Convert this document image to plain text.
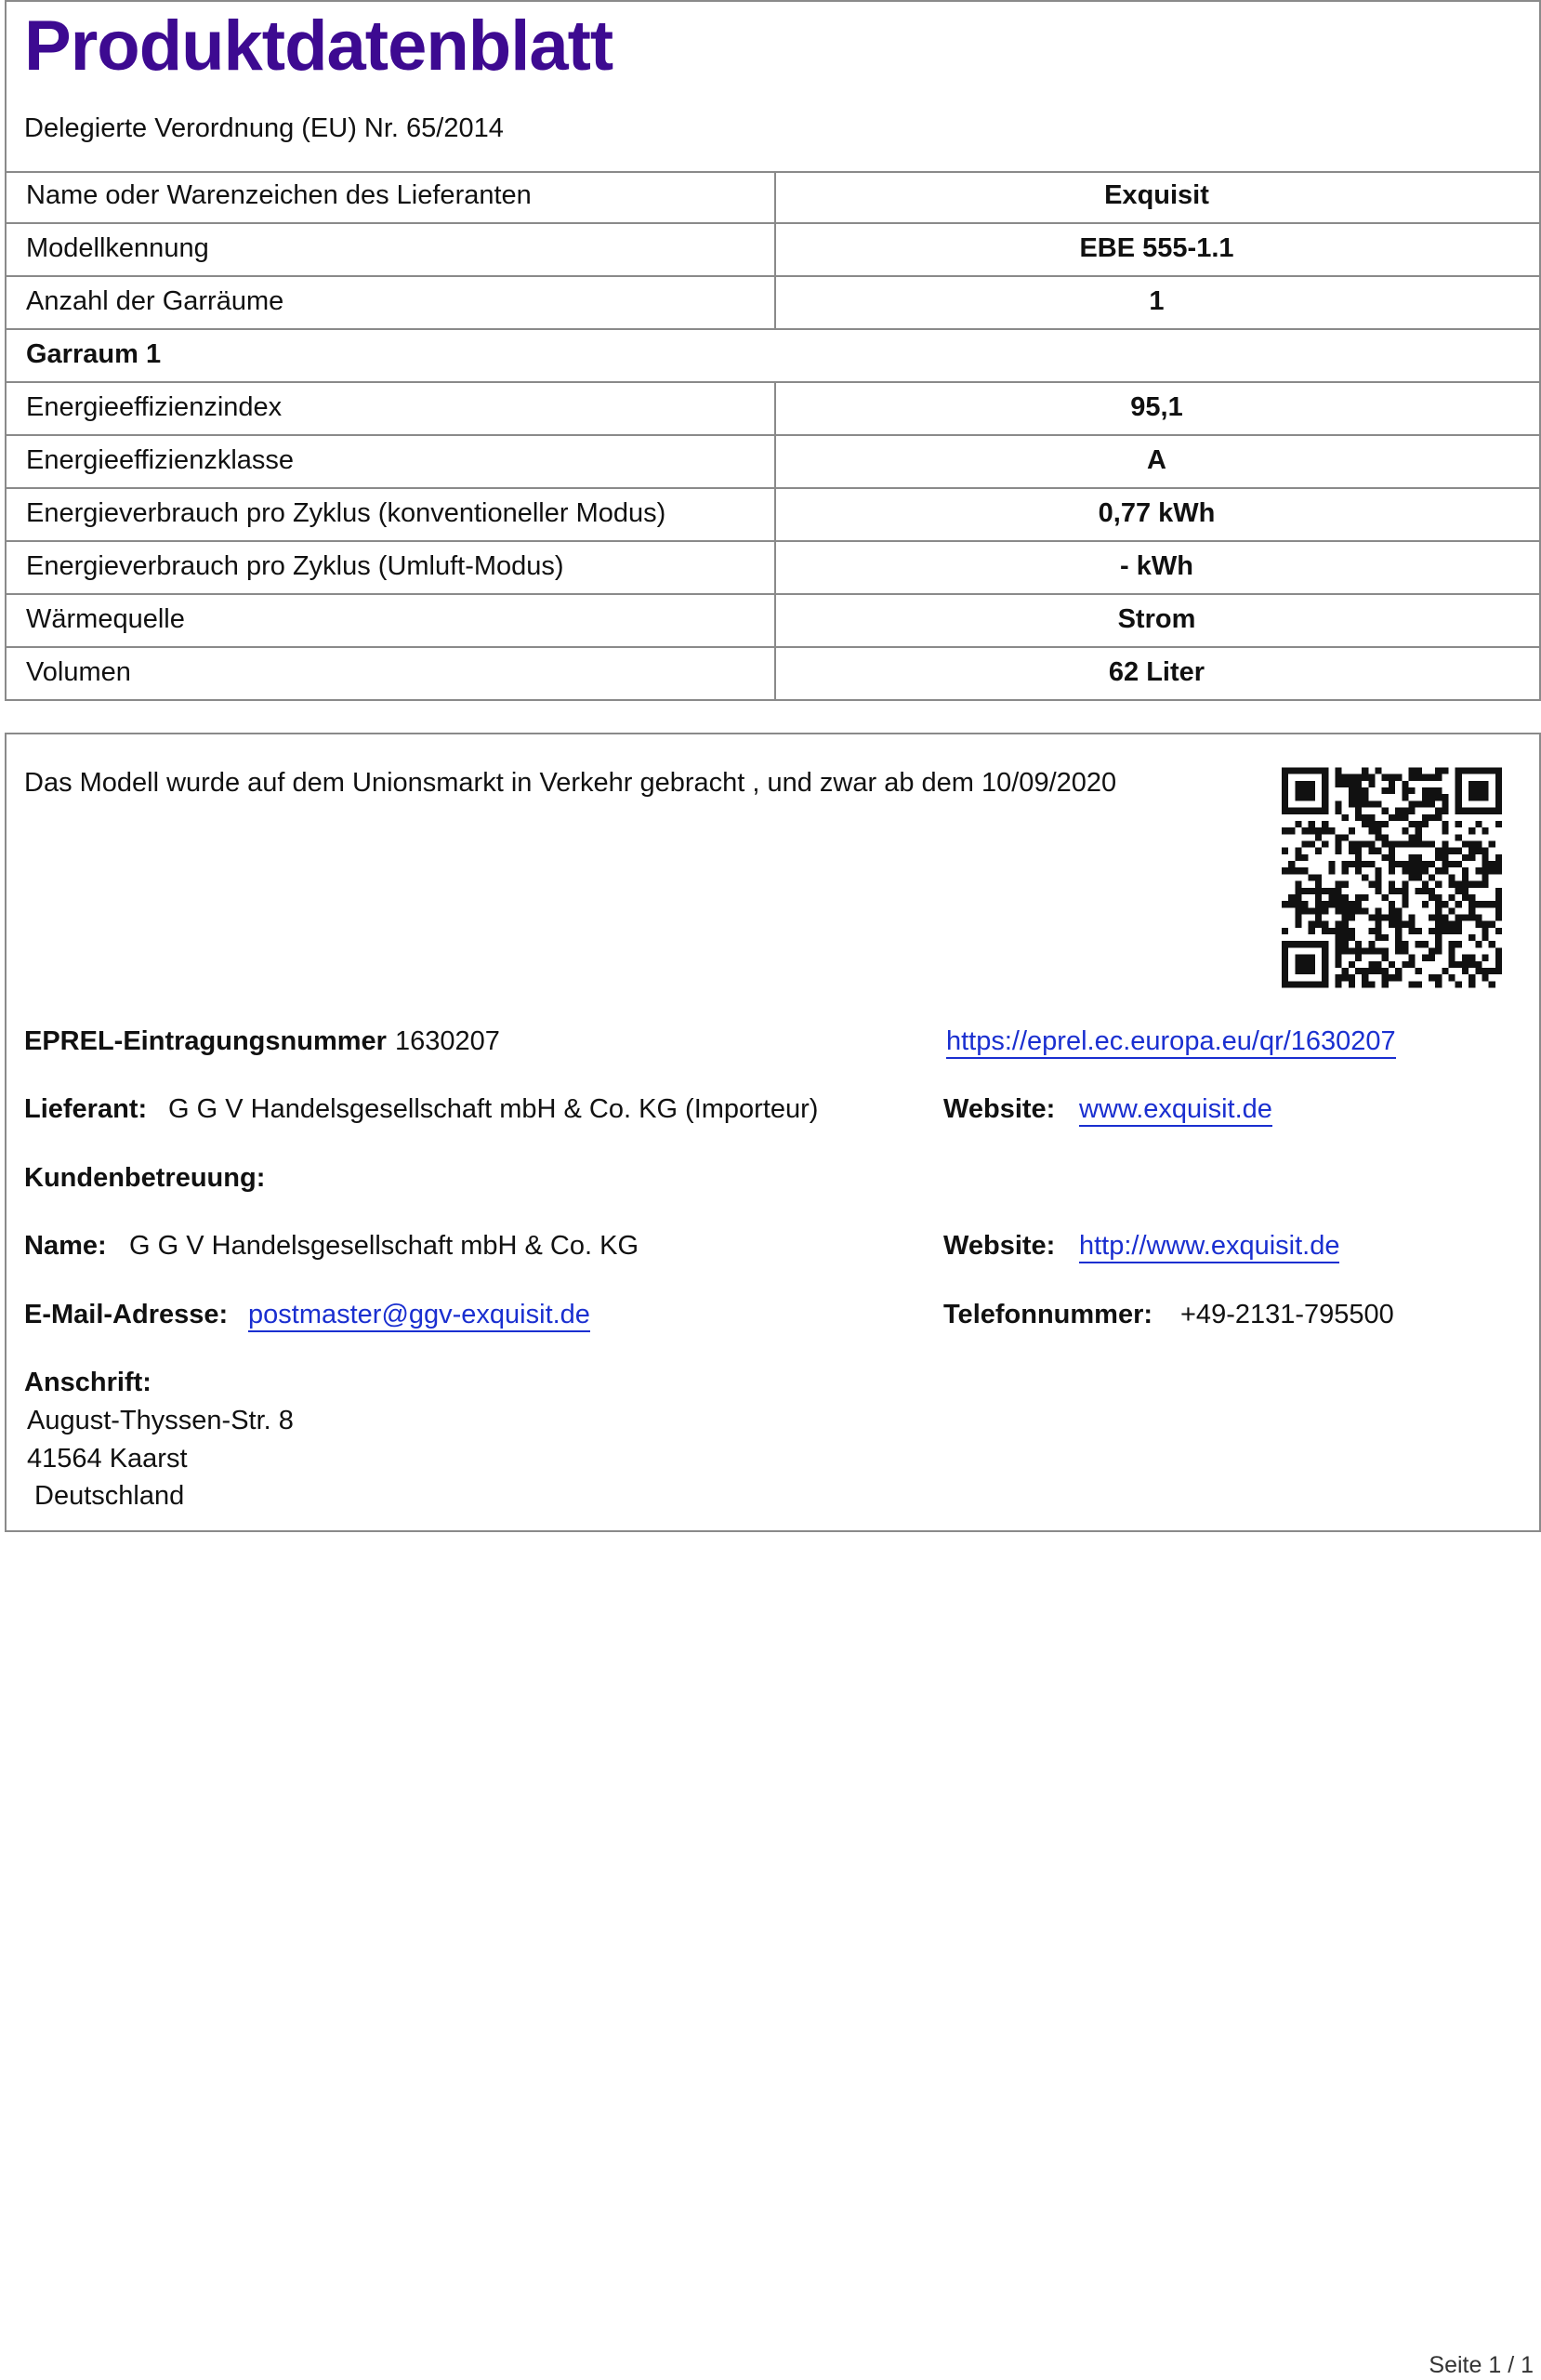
Produktdatenblatt
Delegierte Verordnung (EU) Nr. 65/2014
Name oder Warenzeichen des Lieferanten	Exquisit
Modellkennung	EBE 555-1.1
Anzahl der Garräume	1
Garraum 1
Energieeffizienzindex	95,1
Energieeffizienzklasse	A
Energieverbrauch pro Zyklus (konventioneller Modus)	0,77 kWh
Energieverbrauch pro Zyklus (Umluft-Modus)	- kWh
Wärmequelle	Strom
Volumen	62 Liter
Das Modell wurde auf dem Unionsmarkt in Verkehr gebracht , und zwar ab dem 10/09/2020
EPREL-Eintragungsnummer 1630207	https://eprel.ec.europa.eu/qr/1630207
Lieferant: G G V Handelsgesellschaft mbH & Co. KG (Importeur)	Website: www.exquisit.de
Kundenbetreuung:
Name: G G V Handelsgesellschaft mbH & Co. KG	Website: http://www.exquisit.de
E-Mail-Adresse: postmaster@ggv-exquisit.de	Telefonnummer: +49-2131-795500
Anschrift:
August-Thyssen-Str. 8
41564 Kaarst
Deutschland
Seite 1 / 1
